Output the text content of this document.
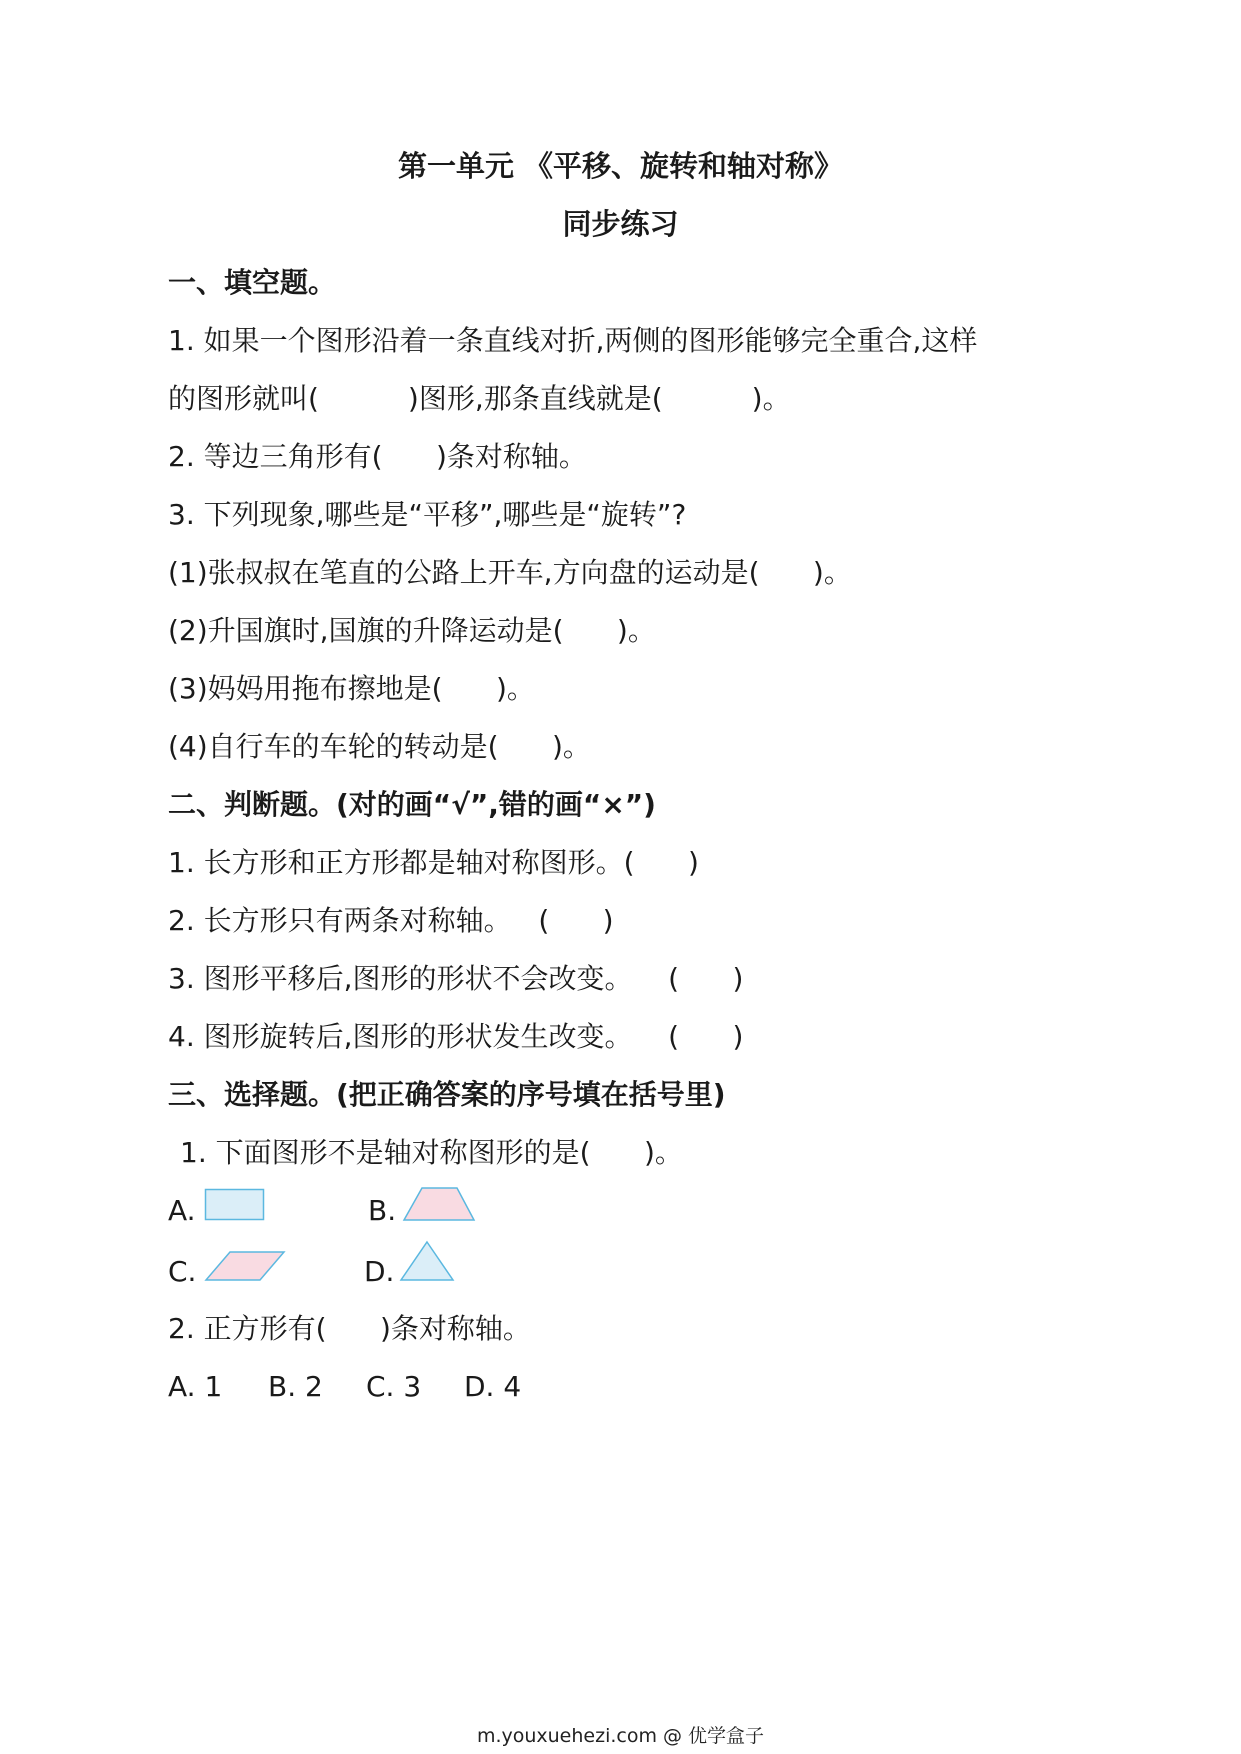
第一单元 《平移、旋转和轴对称》
同步练习
一、填空题。
1. 如果一个图形沿着一条直线对折,两侧的图形能够完全重合,这样
的图形就叫(          )图形,那条直线就是(          )。
2. 等边三角形有(      )条对称轴。
3. 下列现象,哪些是“平移”,哪些是“旋转”?
(1)张叔叔在笔直的公路上开车,方向盘的运动是(      )。
(2)升国旗时,国旗的升降运动是(      )。
(3)妈妈用拖布擦地是(      )。
(4)自行车的车轮的转动是(      )。
二、判断题。(对的画“√”,错的画“×”)
1. 长方形和正方形都是轴对称图形。(      )
2. 长方形只有两条对称轴。   (      )
3. 图形平移后,图形的形状不会改变。    (      )
4. 图形旋转后,图形的形状发生改变。    (      )
三、选择题。(把正确答案的序号填在括号里)
1. 下面图形不是轴对称图形的是(      )。
A.	B.
C.	D.
2. 正方形有(      )条对称轴。
A. 1 B. 2 C. 3 D. 4
m.youxuehezi.com @ 优学盒子
